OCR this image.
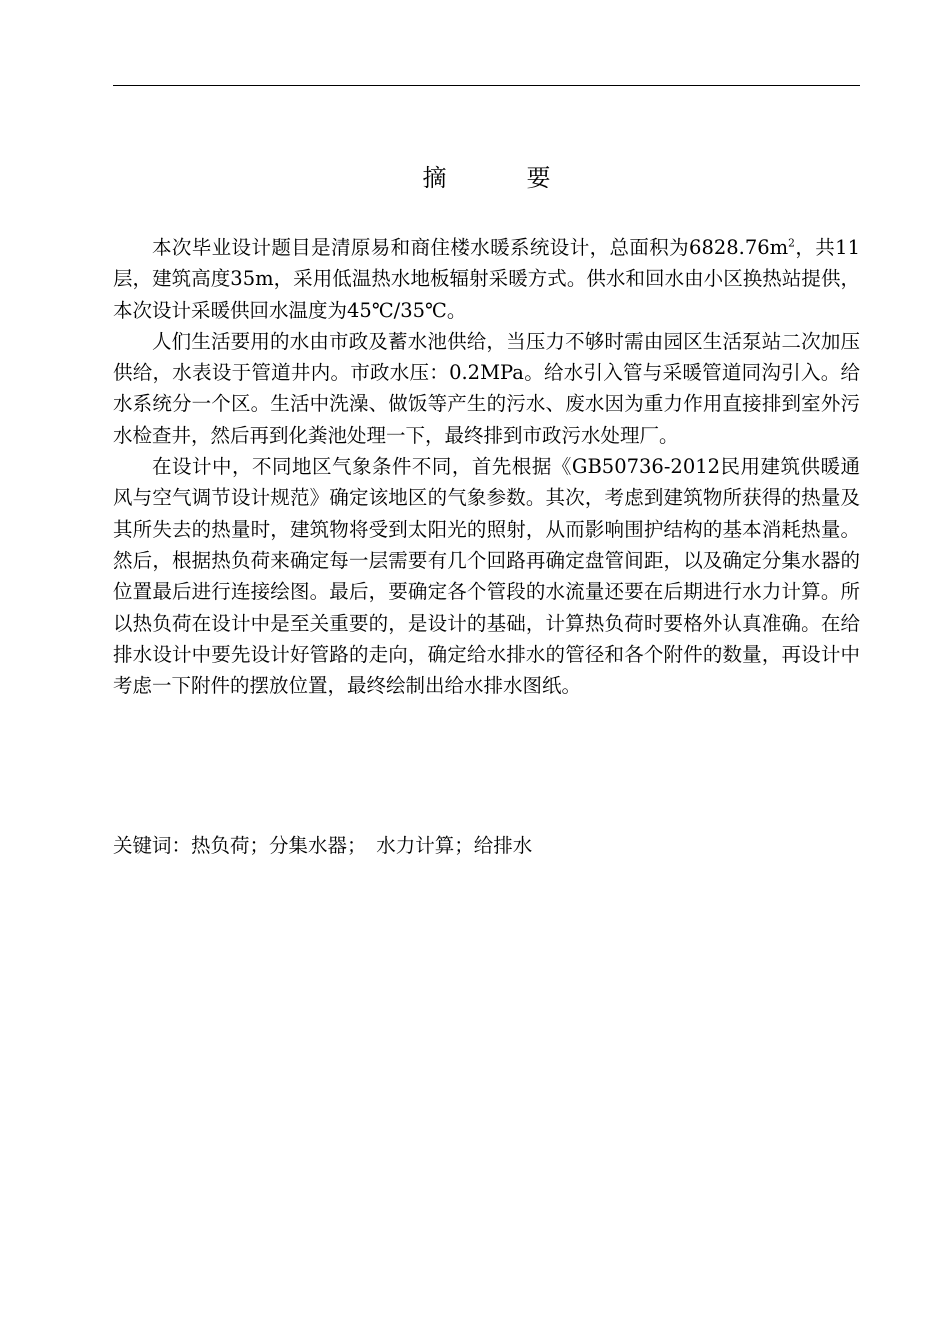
摘　要

本次毕业设计题目是清原易和商住楼水暖系统设计，总面积为$6828.76m^2$，共11层，建筑高度35m，采用低温热水地板辐射采暖方式。供水和回水由小区换热站提供，本次设计采暖供回水温度为45℃/35℃。

人们生活要用的水由市政及蓄水池供给，当压力不够时需由园区生活泵站二次加压供给，水表设于管道井内。市政水压：0.2MPa。给水引入管与采暖管道同沟引入。给水系统分一个区。生活中洗澡、做饭等产生的污水、废水因为重力作用直接排到室外污水检查井，然后再到化粪池处理一下，最终排到市政污水处理厂。

在设计中，不同地区气象条件不同，首先根据《GB50736-2012民用建筑供暖通风与空气调节设计规范》确定该地区的气象参数。其次，考虑到建筑物所获得的热量及其所失去的热量时，建筑物将受到太阳光的照射，从而影响围护结构的基本消耗热量。然后，根据热负荷来确定每一层需要有几个回路再确定盘管间距，以及确定分集水器的位置最后进行连接绘图。最后，要确定各个管段的水流量还要在后期进行水力计算。所以热负荷在设计中是至关重要的，是设计的基础，计算热负荷时要格外认真准确。在给排水设计中要先设计好管路的走向，确定给水排水的管径和各个附件的数量，再设计中考虑一下附件的摆放位置，最终绘制出给水排水图纸。

关键词：热负荷；分集水器；　水力计算；给排水
